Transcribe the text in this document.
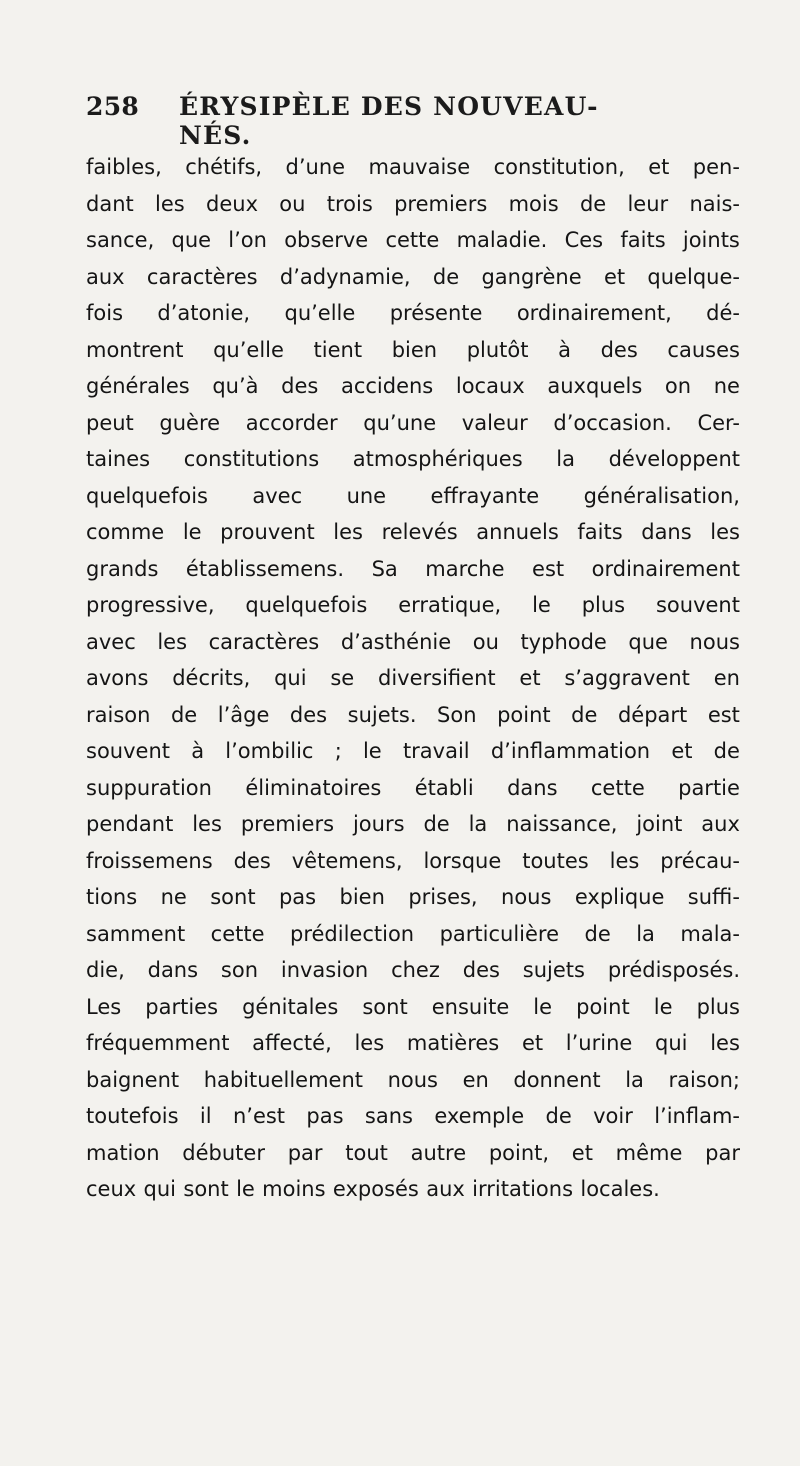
258 ÉRYSIPÈLE DES NOUVEAU-NÉS.
faibles, chétifs, d’une mauvaise constitution, et pen-
dant les deux ou trois premiers mois de leur nais-
sance, que l’on observe cette maladie. Ces faits joints
aux caractères d’adynamie, de gangrène et quelque-
fois d’atonie, qu’elle présente ordinairement, dé-
montrent qu’elle tient bien plutôt à des causes
générales qu’à des accidens locaux auxquels on ne
peut guère accorder qu’une valeur d’occasion. Cer-
taines constitutions atmosphériques la développent
quelquefois avec une effrayante généralisation,
comme le prouvent les relevés annuels faits dans les
grands établissemens. Sa marche est ordinairement
progressive, quelquefois erratique, le plus souvent
avec les caractères d’asthénie ou typhode que nous
avons décrits, qui se diversifient et s’aggravent en
raison de l’âge des sujets. Son point de départ est
souvent à l’ombilic ; le travail d’inflammation et de
suppuration éliminatoires établi dans cette partie
pendant les premiers jours de la naissance, joint aux
froissemens des vêtemens, lorsque toutes les précau-
tions ne sont pas bien prises, nous explique suffi-
samment cette prédilection particulière de la mala-
die, dans son invasion chez des sujets prédisposés.
Les parties génitales sont ensuite le point le plus
fréquemment affecté, les matières et l’urine qui les
baignent habituellement nous en donnent la raison;
toutefois il n’est pas sans exemple de voir l’inflam-
mation débuter par tout autre point, et même par
ceux qui sont le moins exposés aux irritations locales.
